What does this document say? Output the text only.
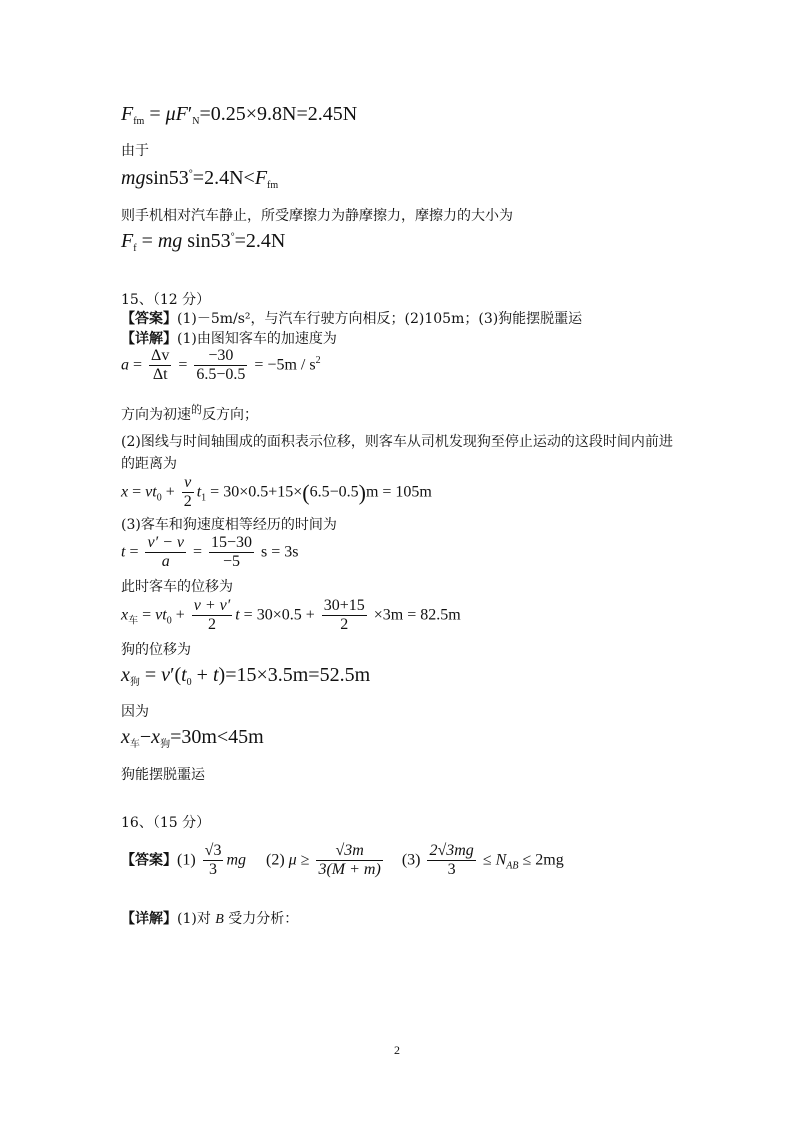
$F_{fm} = \mu F'_N=0.25\times 9.8N=2.45N$
由于
$mgsin53^\circ=2.4N<F_{fm}$
则手机相对汽车静止，所受摩擦力为静摩擦力，摩擦力的大小为
$F_f$ = mg sin53°=2.4N
15、（12 分）
【答案】(1)－5m/s²，与汽车行驶方向相反；(2)105m；(3)狗能摆脱噩运
【详解】(1)由图知客车的加速度为
$a = \frac{\Delta v}{\Delta t} = \frac{-30}{6.5-0.5} = -5m / s^2$
方向为初速$^的$反方向；
(2)图线与时间轴围成的面积表示位移，则客车从司机发现狗至停止运动的这段时间内前进
的距离为
$x = vt_0 + \frac{v}{2} t_1 = 30\times 0.5+15\times(6.5-0.5)m = 105m$
(3)客车和狗速度相等经历的时间为
$t = \frac{v' - v}{a} = \frac{15-30}{-5}$ s = 3s
此时客车的位移为
$x_车 = vt_0 + \frac{v + v'}{2}$ $t = 30\times 0.5 + \frac{30+15}{2} \times 3m = 82.5m$
狗的位移为
$x_狗 = v'(t_0 + t)=15\times 3.5m=52.5m$
因为
$x_车-x_狗=30m<45m$
狗能摆脱噩运
16、（15 分）
【答案】$(1) \frac{√3}{3}$ mg     (2) $\mu \ge \frac{√3m}{3(M + m)} (3) \frac{2√3mg}{3} \le N_{AB} \le 2mg$
【详解】(1)对 B 受力分析：
2
